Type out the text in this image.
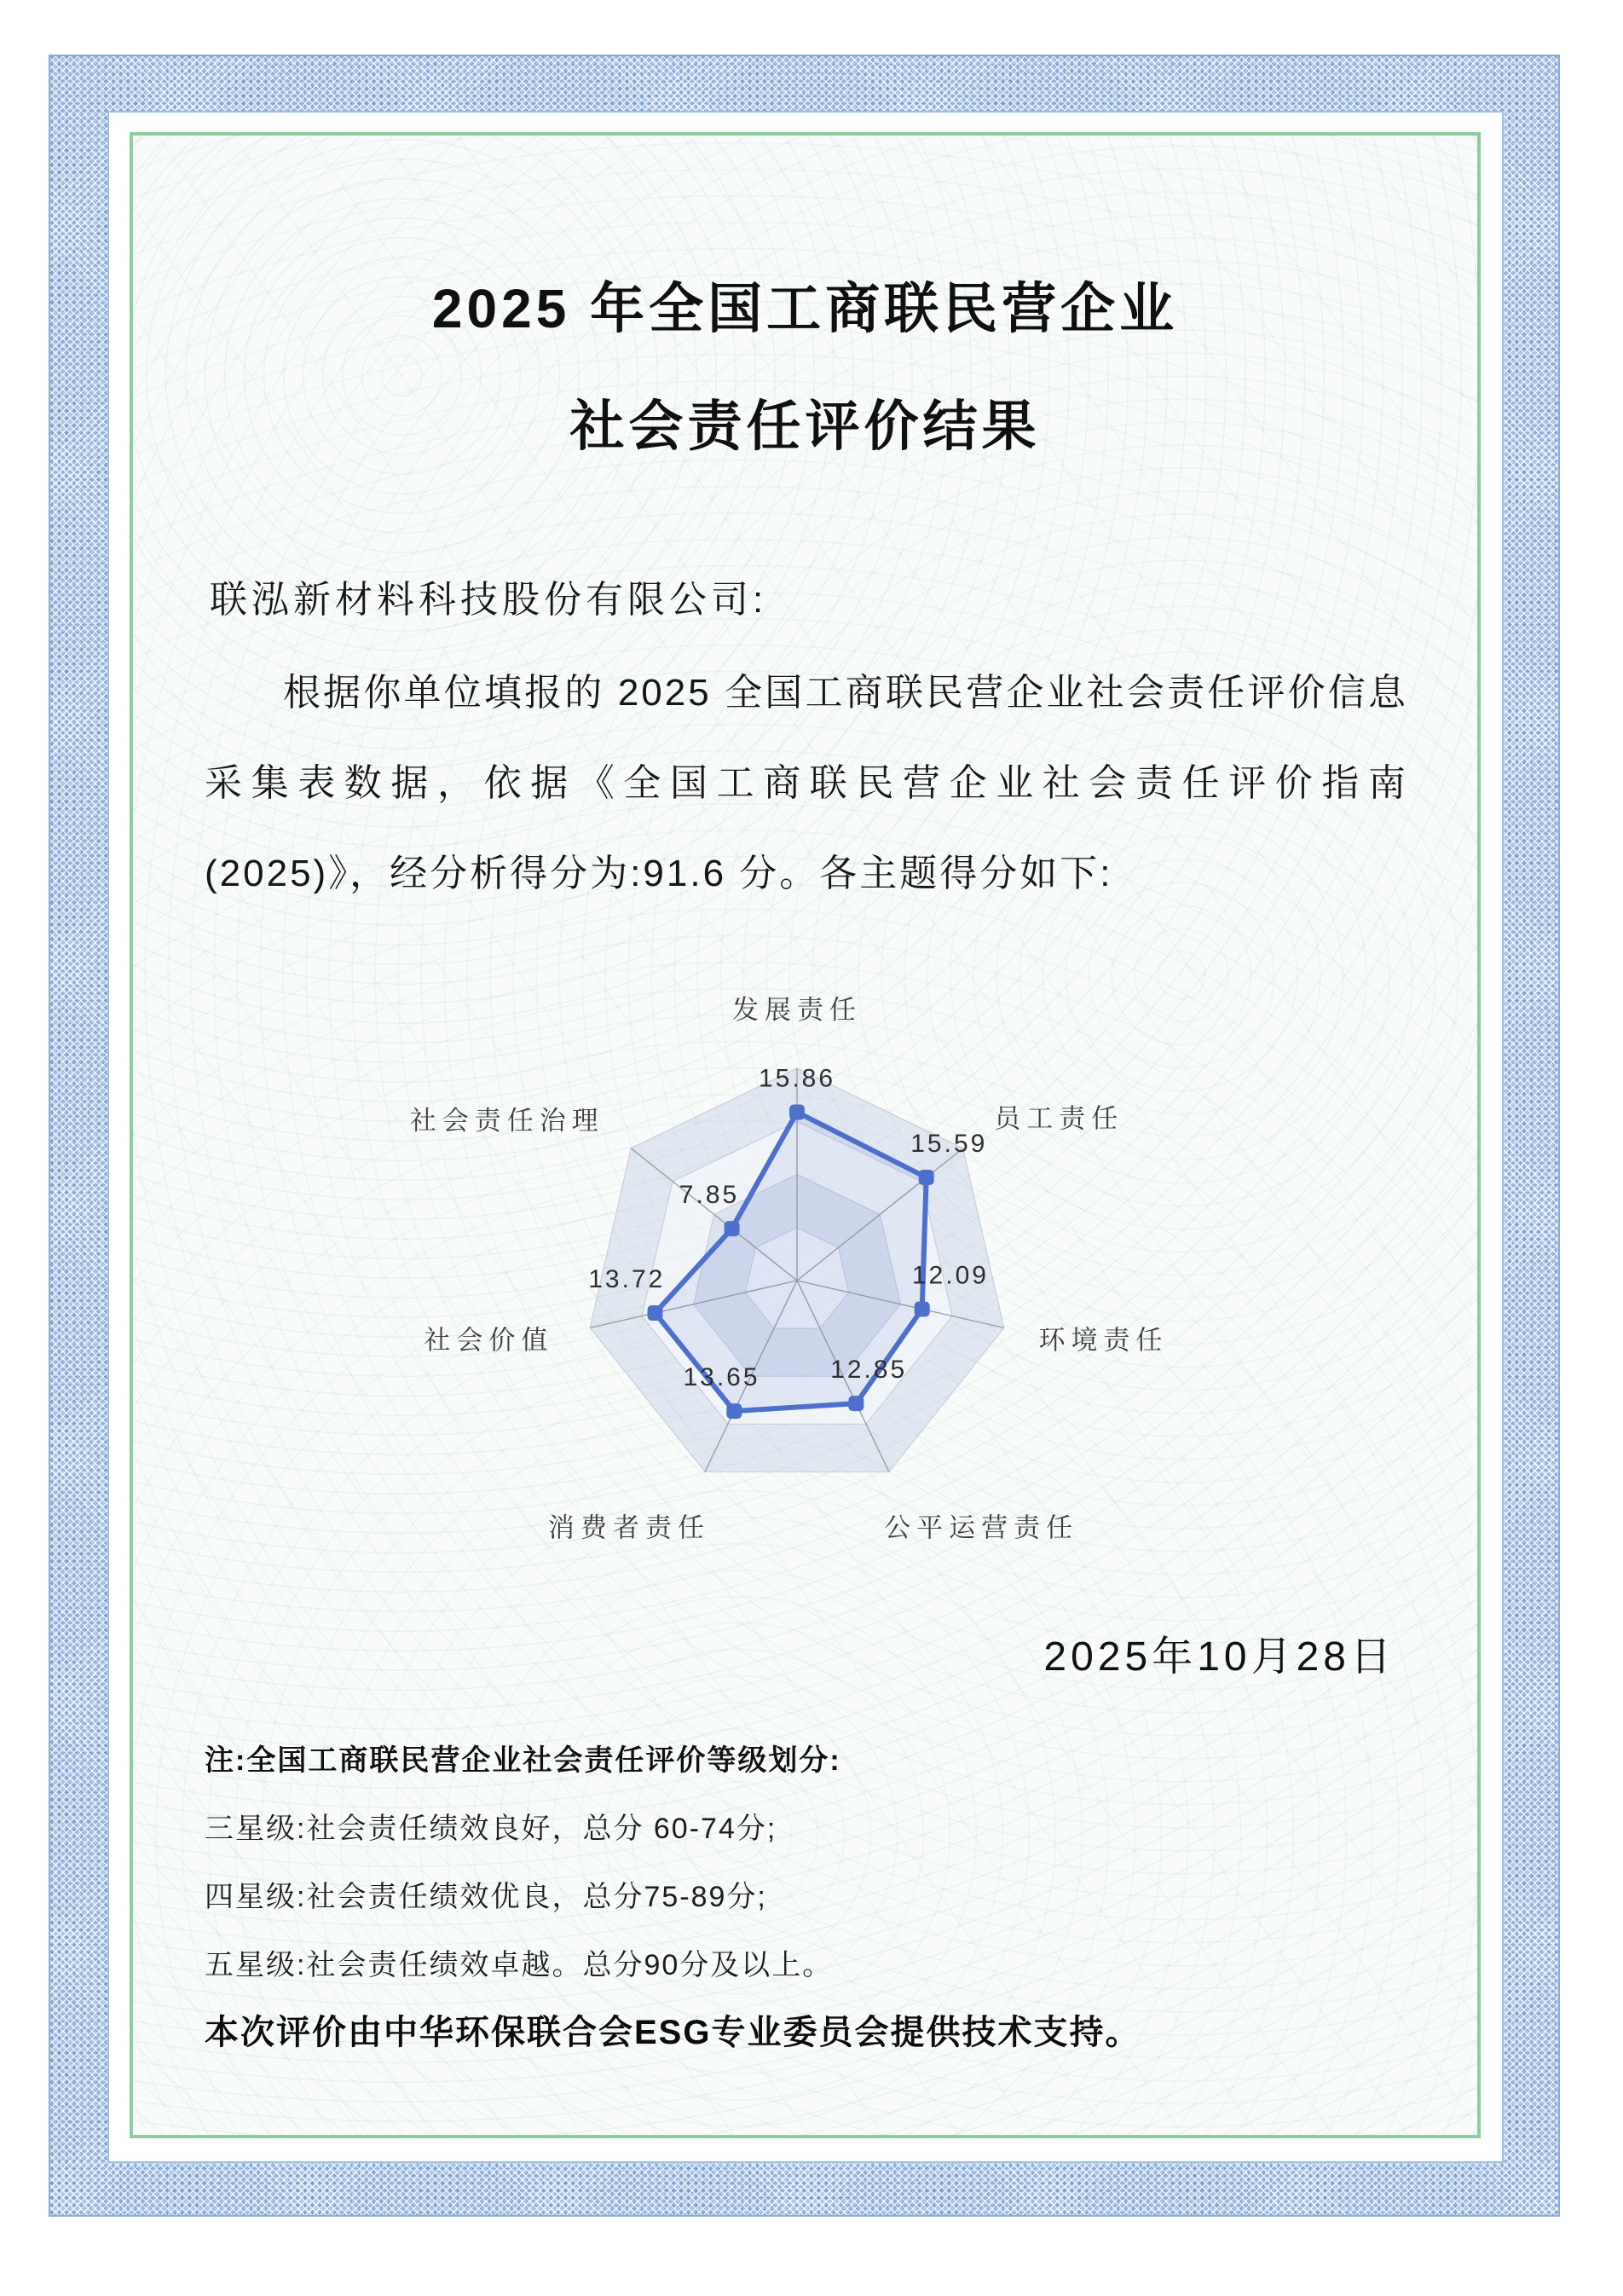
2025 年全国工商联民营企业
社会责任评价结果
联泓新材料科技股份有限公司:

根据你单位填报的 2025 全国工商联民营企业社会责任评价信息采集表数据，依据《全国工商联民营企业社会责任评价指南(2025)》，经分析得分为:91.6 分。各主题得分如下:

15.86
15.59
12.09
12.85
13.65
13.72
7.85
发展责任
员工责任
环境责任
公平运营责任
消费者责任
社会价值
社会责任治理
2025年10月28日

注:全国工商联民营企业社会责任评价等级划分:

三星级:社会责任绩效良好，总分 60-74分;

四星级:社会责任绩效优良，总分75-89分;

五星级:社会责任绩效卓越。总分90分及以上。

本次评价由中华环保联合会ESG专业委员会提供技术支持。
